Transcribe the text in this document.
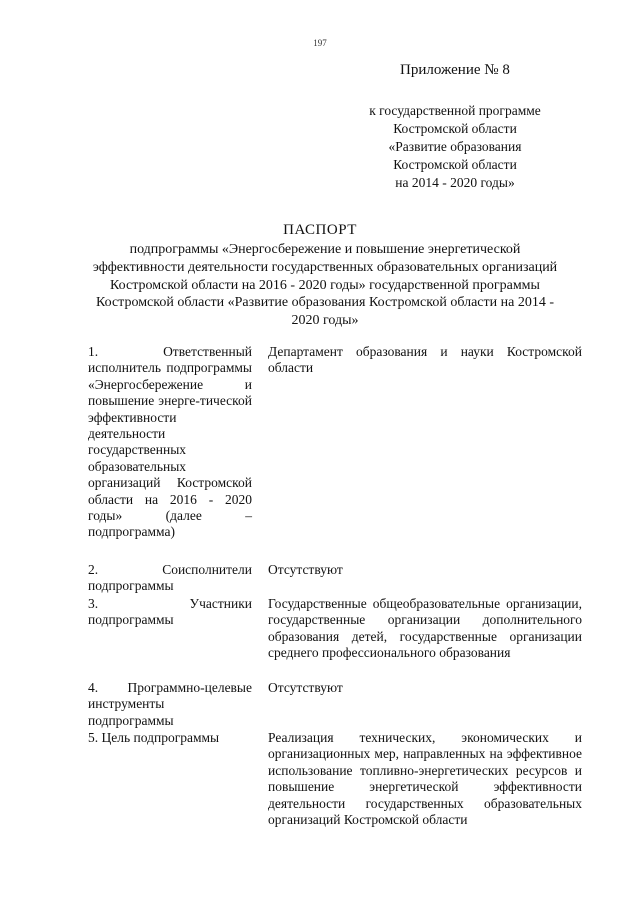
197
Приложение № 8
к государственной программе
Костромской области
«Развитие образования
Костромской области
на 2014 - 2020 годы»
ПАСПОРТ
подпрограммы «Энергосбережение и повышение энергетической эффективности деятельности государственных образовательных организаций Костромской области на 2016 - 2020 годы» государственной программы Костромской области «Развитие образования Костромской области на 2014 - 2020 годы»
1. Ответственный исполнитель подпрограммы «Энергосбережение и повышение энерге-тической эффективности деятельности государственных образовательных организаций Костромской области на 2016 - 2020 годы» (далее – подпрограмма)
Департамент образования и науки Костромской области
2. Соисполнители подпрограммы
Отсутствуют
3. Участники подпрограммы
Государственные общеобразовательные организации, государственные организации дополнительного образования детей, государственные организации среднего профессионального образования
4. Программно-целевые инструменты подпрограммы
Отсутствуют
5. Цель подпрограммы	Реализация технических, экономических и организационных мер, направленных на эффективное использование топливно-энергетических ресурсов и повышение энергетической эффективности деятельности государственных образовательных организаций Костромской области
